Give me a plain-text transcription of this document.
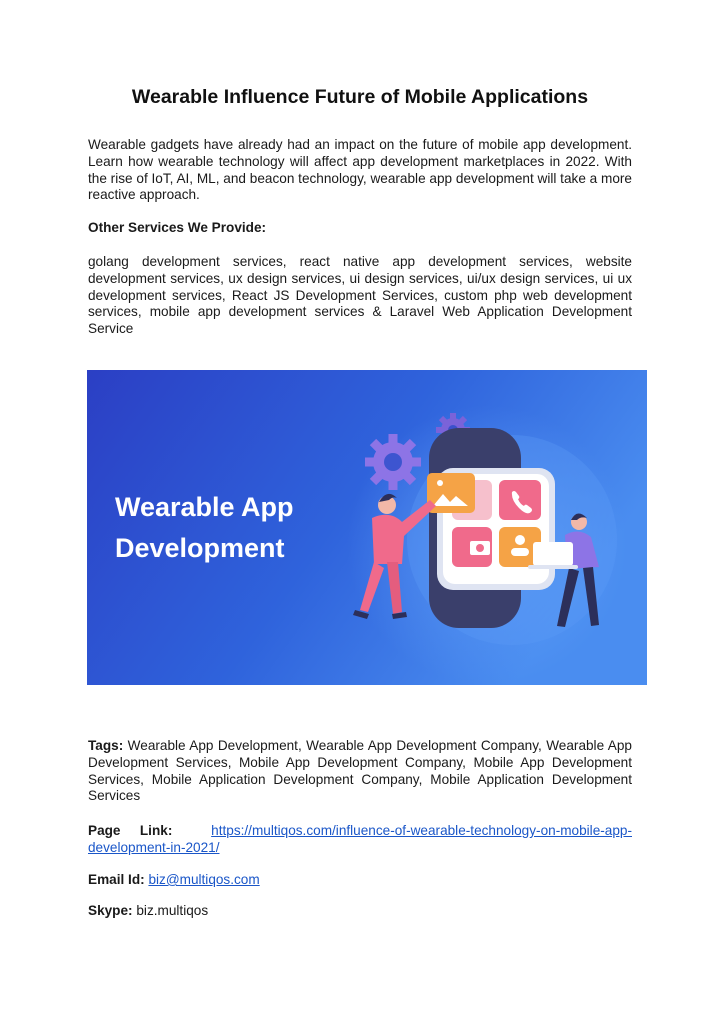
Wearable Influence Future of Mobile Applications

Wearable gadgets have already had an impact on the future of mobile app development. Learn how wearable technology will affect app development marketplaces in 2022. With the rise of IoT, AI, ML, and beacon technology, wearable app development will take a more reactive approach.

Other Services We Provide:

golang development services, react native app development services, website development services, ux design services, ui design services, ui/ux design services, ui ux development services, React JS Development Services, custom php web development services, mobile app development services & Laravel Web Application Development Service

Wearable App
Development

Tags: Wearable App Development, Wearable App Development Company, Wearable App Development Services, Mobile App Development Company, Mobile App Development Services, Mobile Application Development Company, Mobile Application Development Services

Page Link:	https://multiqos.com/influence-of-wearable-technology-on-mobile-app-development-in-2021/

Email Id: biz@multiqos.com

Skype: biz.multiqos
